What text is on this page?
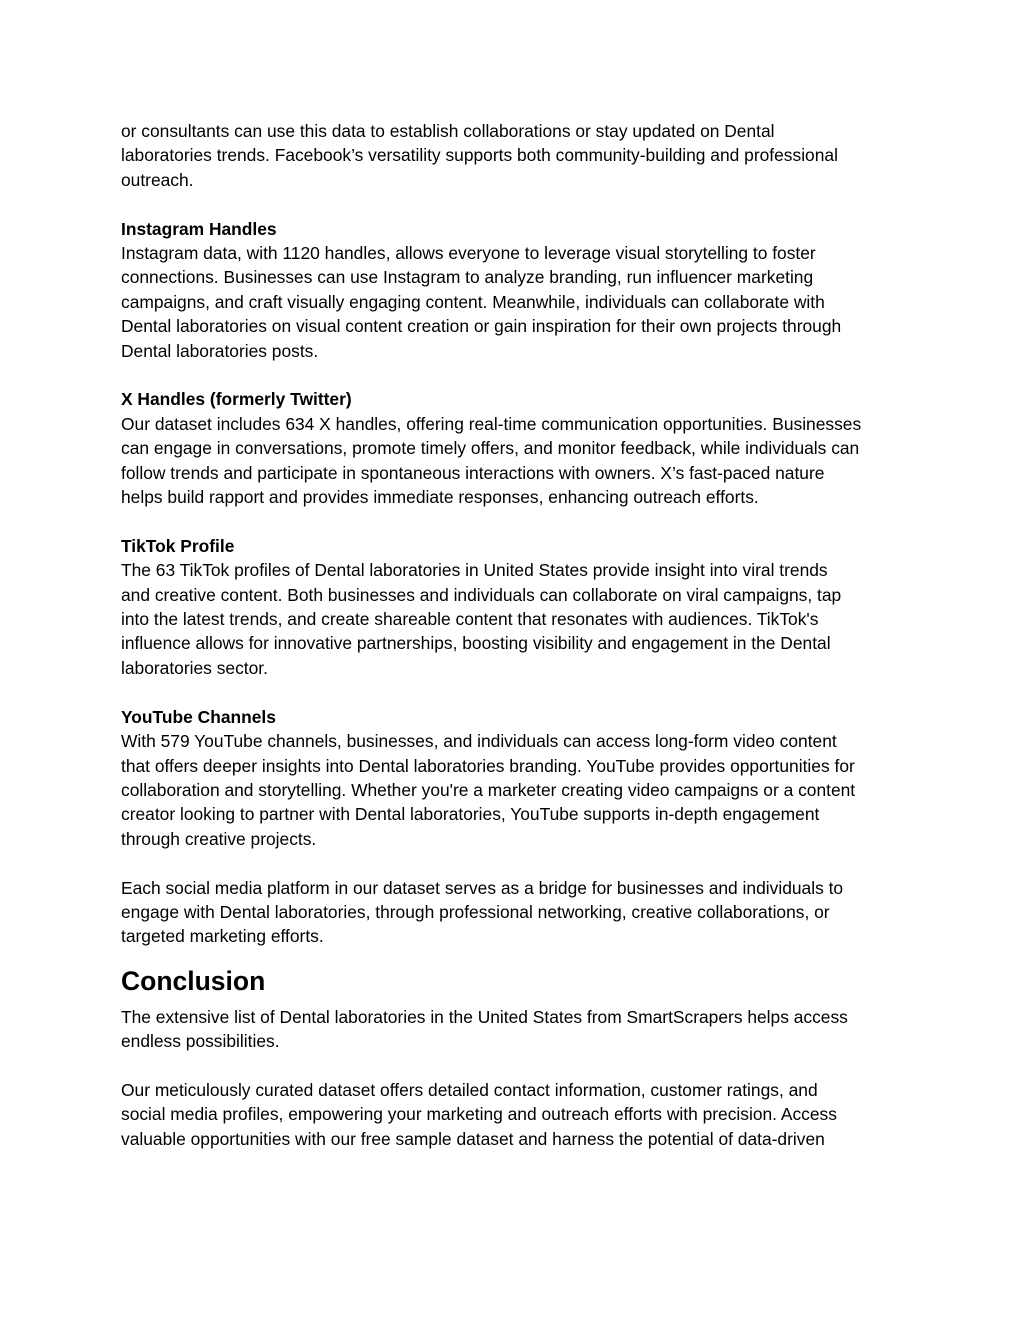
or consultants can use this data to establish collaborations or stay updated on Dental
laboratories trends. Facebook’s versatility supports both community-building and professional
outreach.

Instagram Handles

Instagram data, with 1120 handles, allows everyone to leverage visual storytelling to foster
connections. Businesses can use Instagram to analyze branding, run influencer marketing
campaigns, and craft visually engaging content. Meanwhile, individuals can collaborate with
Dental laboratories on visual content creation or gain inspiration for their own projects through
Dental laboratories posts.

X Handles (formerly Twitter)

Our dataset includes 634 X handles, offering real-time communication opportunities. Businesses
can engage in conversations, promote timely offers, and monitor feedback, while individuals can
follow trends and participate in spontaneous interactions with owners. X’s fast-paced nature
helps build rapport and provides immediate responses, enhancing outreach efforts.

TikTok Profile

The 63 TikTok profiles of Dental laboratories in United States provide insight into viral trends
and creative content. Both businesses and individuals can collaborate on viral campaigns, tap
into the latest trends, and create shareable content that resonates with audiences. TikTok's
influence allows for innovative partnerships, boosting visibility and engagement in the Dental
laboratories sector.

YouTube Channels

With 579 YouTube channels, businesses, and individuals can access long-form video content
that offers deeper insights into Dental laboratories branding. YouTube provides opportunities for
collaboration and storytelling. Whether you're a marketer creating video campaigns or a content
creator looking to partner with Dental laboratories, YouTube supports in-depth engagement
through creative projects.

Each social media platform in our dataset serves as a bridge for businesses and individuals to
engage with Dental laboratories, through professional networking, creative collaborations, or
targeted marketing efforts.

Conclusion

The extensive list of Dental laboratories in the United States from SmartScrapers helps access
endless possibilities.

Our meticulously curated dataset offers detailed contact information, customer ratings, and
social media profiles, empowering your marketing and outreach efforts with precision. Access
valuable opportunities with our free sample dataset and harness the potential of data-driven
